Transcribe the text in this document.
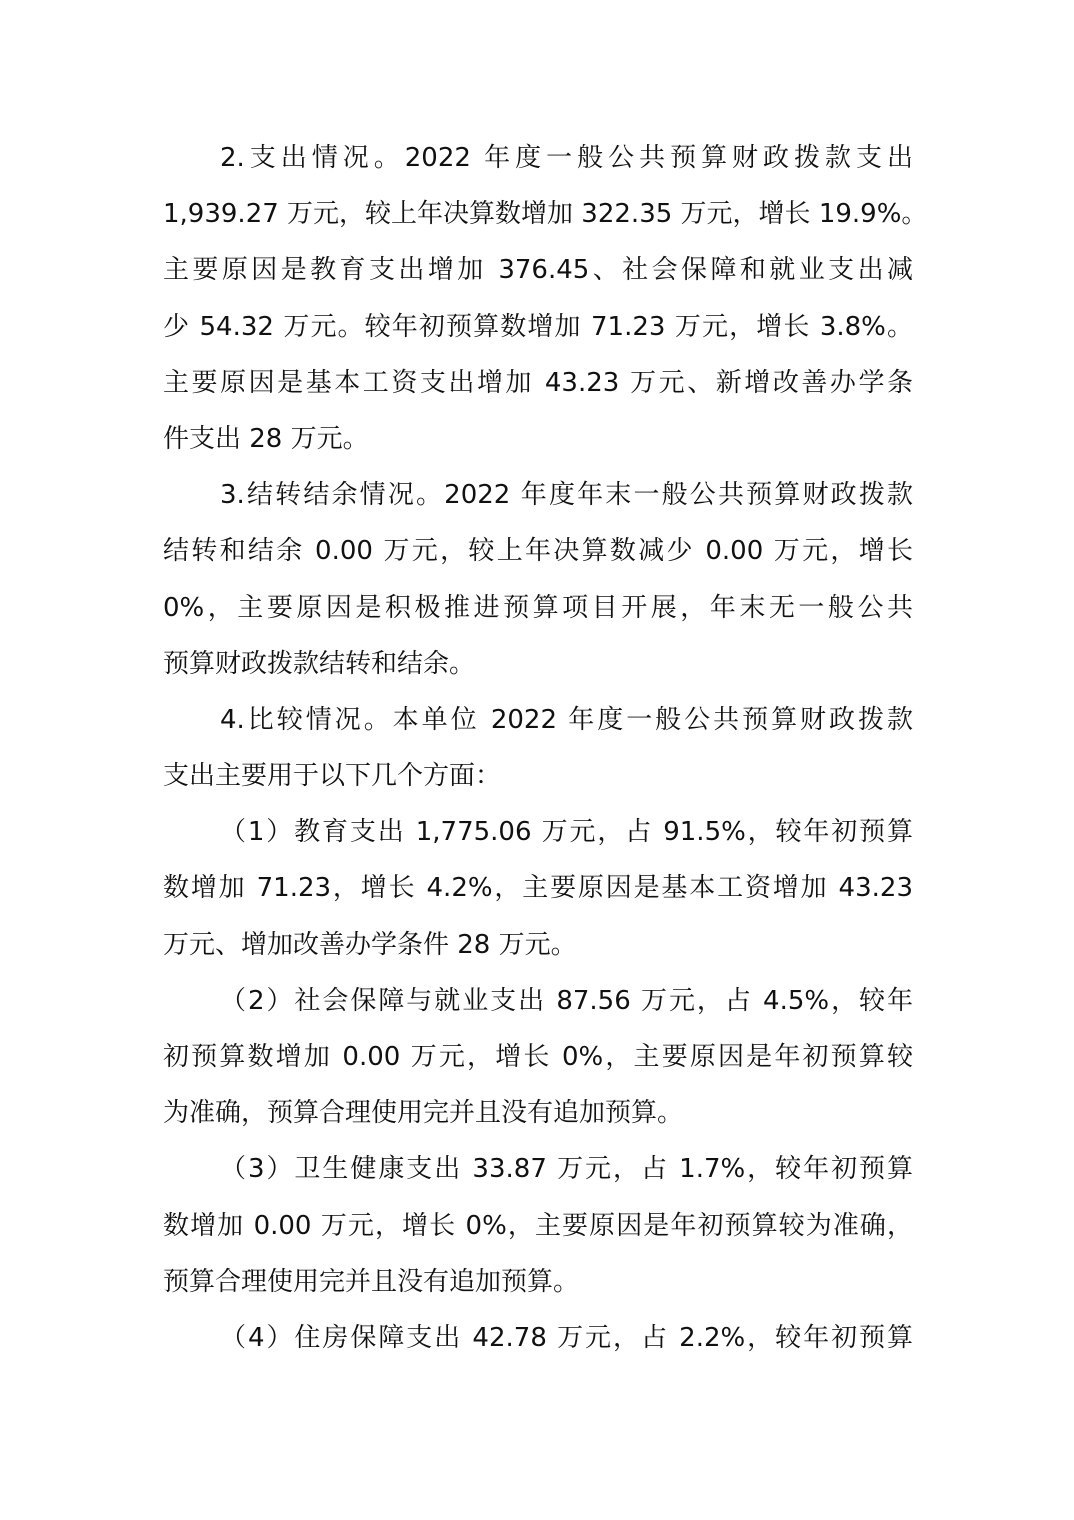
2.支出情况。2022 年度一般公共预算财政拨款支出
1,939.27 万元，较上年决算数增加 322.35 万元，增长 19.9%。
主要原因是教育支出增加 376.45、社会保障和就业支出减
少 54.32 万元。较年初预算数增加 71.23 万元，增长 3.8%。
主要原因是基本工资支出增加 43.23 万元、新增改善办学条
件支出 28 万元。
3.结转结余情况。2022 年度年末一般公共预算财政拨款
结转和结余 0.00 万元，较上年决算数减少 0.00 万元，增长
0%，主要原因是积极推进预算项目开展，年末无一般公共
预算财政拨款结转和结余。
4.比较情况。本单位 2022 年度一般公共预算财政拨款
支出主要用于以下几个方面：
（1）教育支出 1,775.06 万元，占 91.5%，较年初预算
数增加 71.23，增长 4.2%，主要原因是基本工资增加 43.23
万元、增加改善办学条件 28 万元。
（2）社会保障与就业支出 87.56 万元，占 4.5%，较年
初预算数增加 0.00 万元，增长 0%，主要原因是年初预算较
为准确，预算合理使用完并且没有追加预算。
（3）卫生健康支出 33.87 万元，占 1.7%，较年初预算
数增加 0.00 万元，增长 0%，主要原因是年初预算较为准确，
预算合理使用完并且没有追加预算。
（4）住房保障支出 42.78 万元，占 2.2%，较年初预算
